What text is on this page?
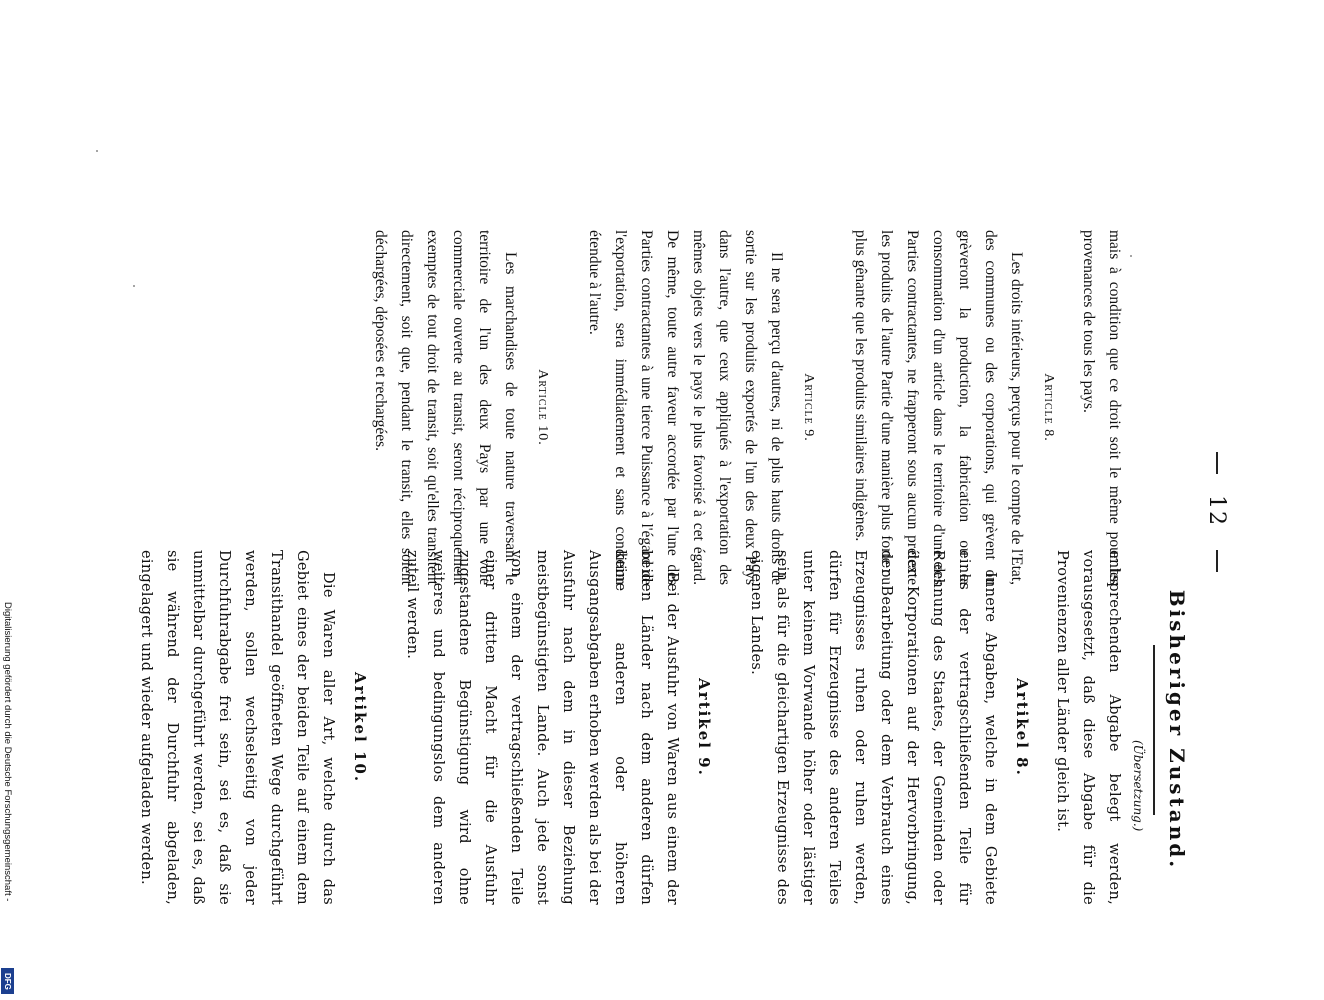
12
Bisheriger Zustand.
(Übersetzung.)

mais à condition que ce droit soit le même pour les provenances de tous les pays.

Article 8.

Les droits intérieurs, perçus pour le compte de l'Etat, des communes ou des corporations, qui grèvent ou grèveront la production, la fabrication ou la consommation d'un article dans le territoire d'une des Parties contractantes, ne frapperont sous aucun prétexte les produits de l'autre Partie d'une manière plus forte ou plus gênante que les produits similaires indigènes.

Article 9.

Il ne sera perçu d'autres, ni de plus hauts droits de sortie sur les produits exportés de l'un des deux Pays dans l'autre, que ceux appliqués à l'exportation des mêmes objets vers le pays le plus favorisé à cet égard. De même, toute autre faveur accordée par l'une des Parties contractantes à une tierce Puissance à l'égard de l'exportation, sera immédiatement et sans condition étendue à l'autre.

Article 10.

Les marchandises de toute nature traversant le territoire de l'un des deux Pays par une voie commerciale ouverte au transit, seront réciproquement exemptes de tout droit de transit, soit qu'elles transitent directement, soit que, pendant le transit, elles soient déchargées, déposées et rechargées.

entsprechenden Abgabe belegt werden, vorausgesetzt, daß diese Abgabe für die Provenienzen aller Länder gleich ist.

Artikel 8.

Innere Abgaben, welche in dem Gebiete eines der vertragschließenden Teile für Rechnung des Staates, der Gemeinden oder der Korporationen auf der Hervorbringung, der Bearbeitung oder dem Verbrauch eines Erzeugnisses ruhen oder ruhen werden, dürfen für Erzeugnisse des anderen Teiles unter keinem Vorwande höher oder lästiger sein als für die gleichartigen Erzeugnisse des eigenen Landes.

Artikel 9.

Bei der Ausfuhr von Waren aus einem der beiden Länder nach dem anderen dürfen keine anderen oder höheren Ausgangsabgaben erhoben werden als bei der Ausfuhr nach dem in dieser Beziehung meistbegünstigten Lande. Auch jede sonst von einem der vertragschließenden Teile einer dritten Macht für die Ausfuhr zugestandene Begünstigung wird ohne weiteres und bedingungslos dem anderen zuteil werden.

Artikel 10.

Die Waren aller Art, welche durch das Gebiet eines der beiden Teile auf einem dem Transithandel geöffneten Wege durchgeführt werden, sollen wechselseitig von jeder Durchfuhrabgabe frei sein, sei es, daß sie unmittelbar durchgeführt werden, sei es, daß sie während der Durchfuhr abgeladen, eingelagert und wieder aufgeladen werden.

Digitalisierung gefördert durch die Deutsche Forschungsgemeinschaft -
DFG
